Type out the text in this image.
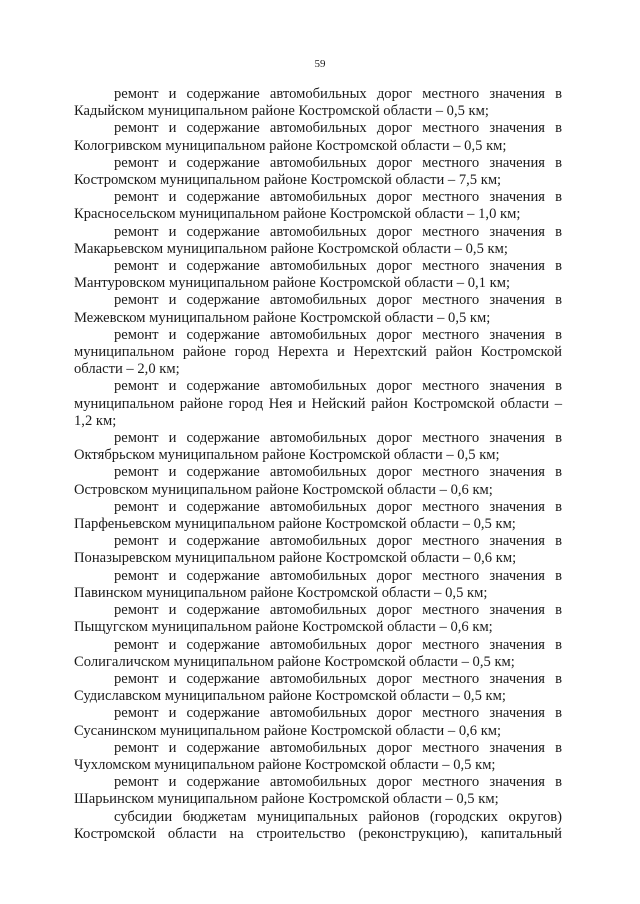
59
ремонт и содержание автомобильных дорог местного значения в
Кадыйском муниципальном районе Костромской области – 0,5 км;
ремонт и содержание автомобильных дорог местного значения в
Кологривском муниципальном районе Костромской области – 0,5 км;
ремонт и содержание автомобильных дорог местного значения в
Костромском муниципальном районе Костромской области – 7,5 км;
ремонт и содержание автомобильных дорог местного значения в
Красносельском муниципальном районе Костромской области – 1,0 км;
ремонт и содержание автомобильных дорог местного значения в
Макарьевском муниципальном районе Костромской области – 0,5 км;
ремонт и содержание автомобильных дорог местного значения в
Мантуровском муниципальном районе Костромской области – 0,1 км;
ремонт и содержание автомобильных дорог местного значения в
Межевском муниципальном районе Костромской области – 0,5 км;
ремонт и содержание автомобильных дорог местного значения в
муниципальном районе город Нерехта и Нерехтский район Костромской
области – 2,0 км;
ремонт и содержание автомобильных дорог местного значения в
муниципальном районе город Нея и Нейский район Костромской области –
1,2 км;
ремонт и содержание автомобильных дорог местного значения в
Октябрьском муниципальном районе Костромской области – 0,5 км;
ремонт и содержание автомобильных дорог местного значения в
Островском муниципальном районе Костромской области – 0,6 км;
ремонт и содержание автомобильных дорог местного значения в
Парфеньевском муниципальном районе Костромской области – 0,5 км;
ремонт и содержание автомобильных дорог местного значения в
Поназыревском муниципальном районе Костромской области – 0,6 км;
ремонт и содержание автомобильных дорог местного значения в
Павинском муниципальном районе Костромской области – 0,5 км;
ремонт и содержание автомобильных дорог местного значения в
Пыщугском муниципальном районе Костромской области – 0,6 км;
ремонт и содержание автомобильных дорог местного значения в
Солигаличском муниципальном районе Костромской области – 0,5 км;
ремонт и содержание автомобильных дорог местного значения в
Судиславском муниципальном районе Костромской области – 0,5 км;
ремонт и содержание автомобильных дорог местного значения в
Сусанинском муниципальном районе Костромской области – 0,6 км;
ремонт и содержание автомобильных дорог местного значения в
Чухломском муниципальном районе Костромской области – 0,5 км;
ремонт и содержание автомобильных дорог местного значения в
Шарьинском муниципальном районе Костромской области – 0,5 км;
субсидии бюджетам муниципальных районов (городских округов)
Костромской области на строительство (реконструкцию), капитальный
